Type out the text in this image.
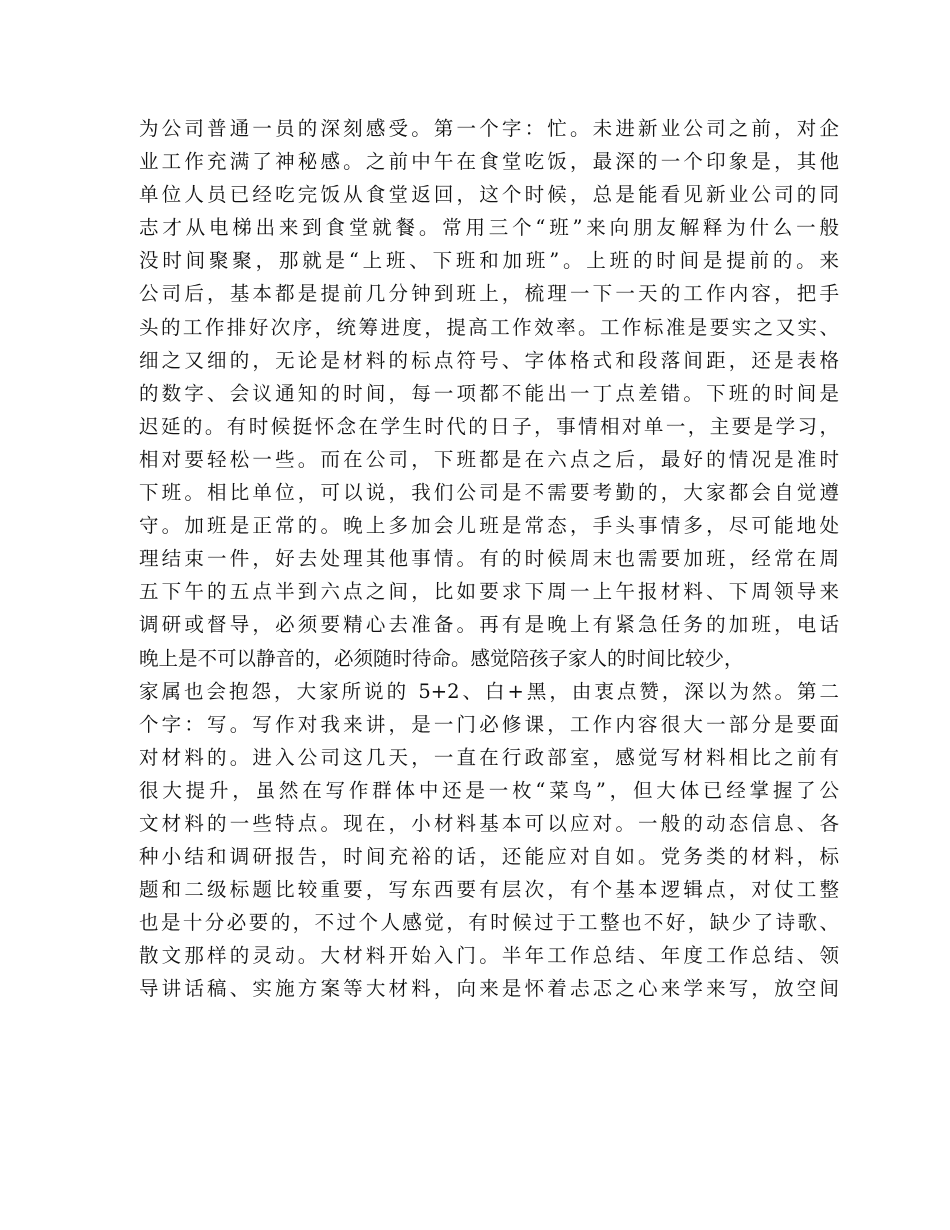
为公司普通一员的深刻感受。第一个字：忙。未进新业公司之前，对企
业工作充满了神秘感。之前中午在食堂吃饭，最深的一个印象是，其他
单位人员已经吃完饭从食堂返回，这个时候，总是能看见新业公司的同
志才从电梯出来到食堂就餐。常用三个“班”来向朋友解释为什么一般
没时间聚聚，那就是“上班、下班和加班”。上班的时间是提前的。来
公司后，基本都是提前几分钟到班上，梳理一下一天的工作内容，把手
头的工作排好次序，统筹进度，提高工作效率。工作标准是要实之又实、
细之又细的，无论是材料的标点符号、字体格式和段落间距，还是表格
的数字、会议通知的时间，每一项都不能出一丁点差错。下班的时间是
迟延的。有时候挺怀念在学生时代的日子，事情相对单一，主要是学习，
相对要轻松一些。而在公司，下班都是在六点之后，最好的情况是准时
下班。相比单位，可以说，我们公司是不需要考勤的，大家都会自觉遵
守。加班是正常的。晚上多加会儿班是常态，手头事情多，尽可能地处
理结束一件，好去处理其他事情。有的时候周末也需要加班，经常在周
五下午的五点半到六点之间，比如要求下周一上午报材料、下周领导来
调研或督导，必须要精心去准备。再有是晚上有紧急任务的加班，电话
晚上是不可以静音的，必须随时待命。感觉陪孩子家人的时间比较少，
家属也会抱怨，大家所说的 5+2、白+黑，由衷点赞，深以为然。第二
个字：写。写作对我来讲，是一门必修课，工作内容很大一部分是要面
对材料的。进入公司这几天，一直在行政部室，感觉写材料相比之前有
很大提升，虽然在写作群体中还是一枚“菜鸟”，但大体已经掌握了公
文材料的一些特点。现在，小材料基本可以应对。一般的动态信息、各
种小结和调研报告，时间充裕的话，还能应对自如。党务类的材料，标
题和二级标题比较重要，写东西要有层次，有个基本逻辑点，对仗工整
也是十分必要的，不过个人感觉，有时候过于工整也不好，缺少了诗歌、
散文那样的灵动。大材料开始入门。半年工作总结、年度工作总结、领
导讲话稿、实施方案等大材料，向来是怀着忐忑之心来学来写，放空间
